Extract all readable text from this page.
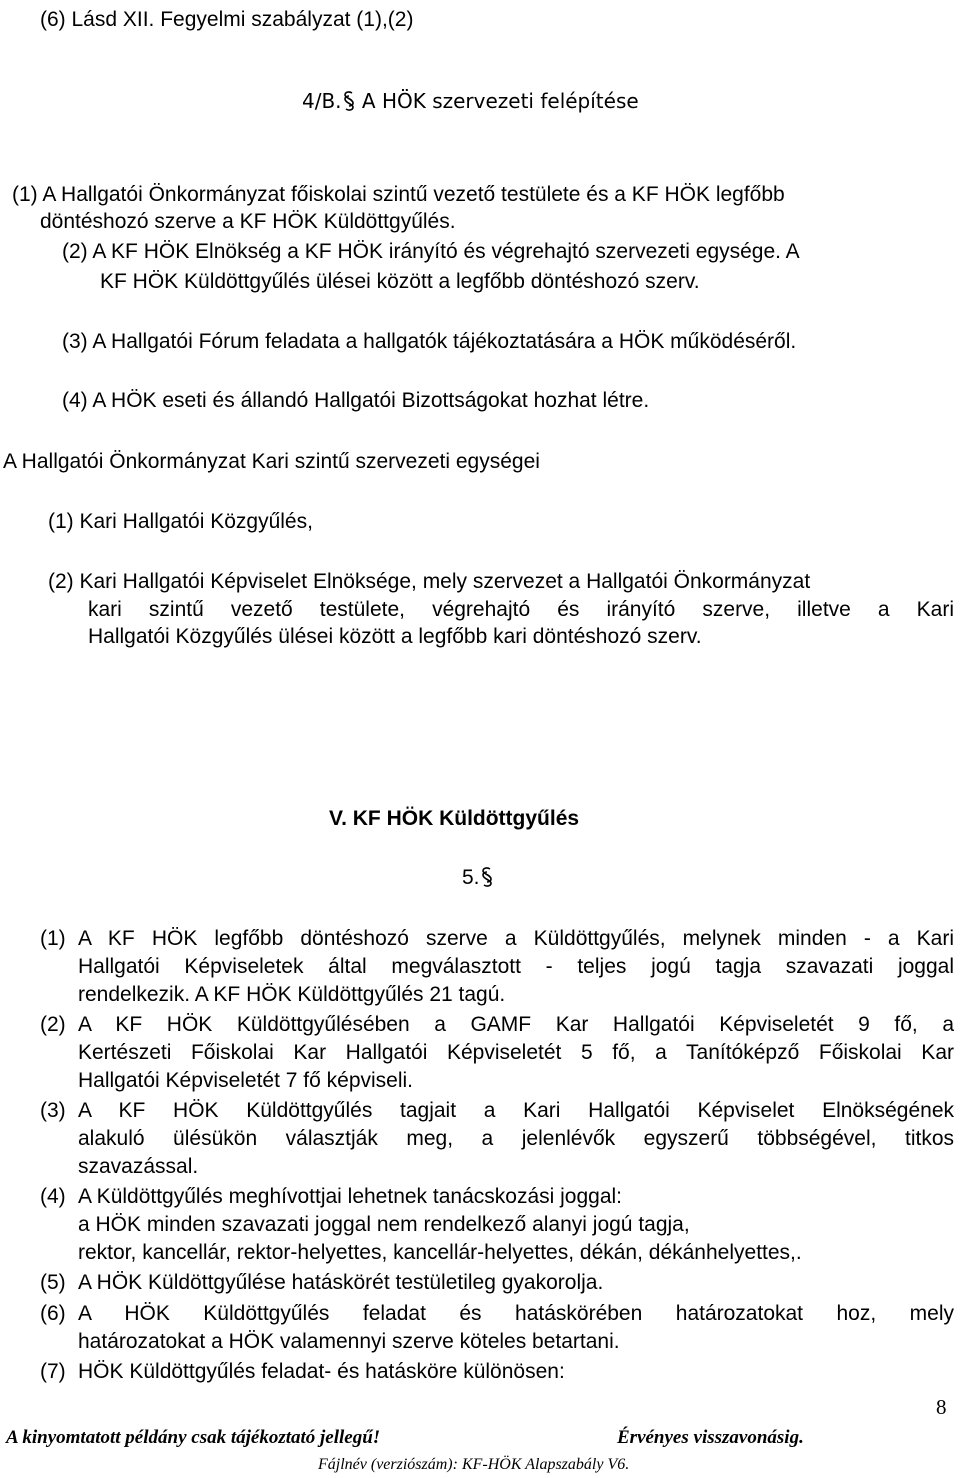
(6) Lásd XII. Fegyelmi szabályzat (1),(2)
4/B. A HÖK szervezeti felépítése
(1) A Hallgatói Önkormányzat főiskolai szintű vezető testülete és a KF HÖK legfőbb
döntéshozó szerve a KF HÖK Küldöttgyűlés.
(2) A KF HÖK Elnökség a KF HÖK irányító és végrehajtó szervezeti egysége. A
KF HÖK Küldöttgyűlés ülései között a legfőbb döntéshozó szerv.
(3) A Hallgatói Fórum feladata a hallgatók tájékoztatására a HÖK működéséről.
(4) A HÖK eseti és állandó Hallgatói Bizottságokat hozhat létre.
A Hallgatói Önkormányzat Kari szintű szervezeti egységei
(1) Kari Hallgatói Közgyűlés,
(2) Kari Hallgatói Képviselet Elnöksége, mely szervezet a Hallgatói Önkormányzat
kari szintű vezető testülete, végrehajtó és irányító szerve, illetve a Kari
Hallgatói Közgyűlés ülései között a legfőbb kari döntéshozó szerv.
V. KF HÖK Küldöttgyűlés
5.
(1) A KF HÖK legfőbb döntéshozó szerve a Küldöttgyűlés, melynek minden - a Kari
Hallgatói Képviseletek által megválasztott - teljes jogú tagja szavazati joggal
rendelkezik. A KF HÖK Küldöttgyűlés 21 tagú.
(2) A KF HÖK Küldöttgyűlésében a GAMF Kar Hallgatói Képviseletét 9 fő, a
Kertészeti Főiskolai Kar Hallgatói Képviseletét 5 fő, a Tanítóképző Főiskolai Kar
Hallgatói Képviseletét 7 fő képviseli.
(3) A KF HÖK Küldöttgyűlés tagjait a Kari Hallgatói Képviselet Elnökségének
alakuló ülésükön választják meg, a jelenlévők egyszerű többségével, titkos
szavazással.
(4) A Küldöttgyűlés meghívottjai lehetnek tanácskozási joggal:
a HÖK minden szavazati joggal nem rendelkező alanyi jogú tagja,
rektor, kancellár, rektor-helyettes, kancellár-helyettes, dékán, dékánhelyettes,.
(5) A HÖK Küldöttgyűlése hatáskörét testületileg gyakorolja.
(6) A HÖK Küldöttgyűlés feladat és hatáskörében határozatokat hoz, mely
határozatokat a HÖK valamennyi szerve köteles betartani.
(7) HÖK Küldöttgyűlés feladat- és hatásköre különösen:
8
A kinyomtatott példány csak tájékoztató jellegű!	Érvényes visszavonásig.
Fájlnév (verziószám): KF-HÖK Alapszabály V6.
